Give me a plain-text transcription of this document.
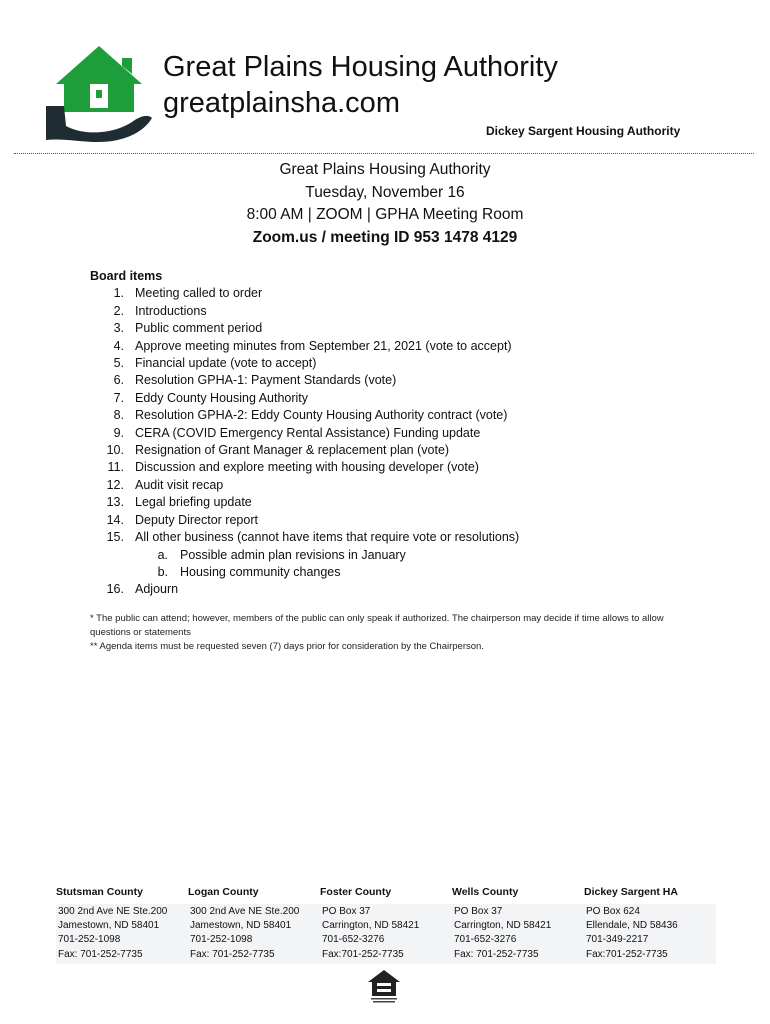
Great Plains Housing Authority
greatplainsha.com
Dickey Sargent Housing Authority
Great Plains Housing Authority
Tuesday, November 16
8:00 AM | ZOOM | GPHA Meeting Room
Zoom.us / meeting ID 953 1478 4129
Board items
1. Meeting called to order
2. Introductions
3. Public comment period
4. Approve meeting minutes from September 21, 2021 (vote to accept)
5. Financial update (vote to accept)
6. Resolution GPHA-1: Payment Standards (vote)
7. Eddy County Housing Authority
8. Resolution GPHA-2: Eddy County Housing Authority contract (vote)
9. CERA (COVID Emergency Rental Assistance) Funding update
10. Resignation of Grant Manager & replacement plan (vote)
11. Discussion and explore meeting with housing developer (vote)
12. Audit visit recap
13. Legal briefing update
14. Deputy Director report
15. All other business (cannot have items that require vote or resolutions)
a. Possible admin plan revisions in January
b. Housing community changes
16. Adjourn
* The public can attend; however, members of the public can only speak if authorized. The chairperson may decide if time allows to allow questions or statements
** Agenda items must be requested seven (7) days prior for consideration by the Chairperson.
Stutsman County
300 2nd Ave NE Ste.200
Jamestown, ND 58401
701-252-1098
Fax: 701-252-7735
Logan County
300 2nd Ave NE Ste.200
Jamestown, ND 58401
701-252-1098
Fax: 701-252-7735
Foster County
PO Box 37
Carrington, ND 58421
701-652-3276
Fax:701-252-7735
Wells County
PO Box 37
Carrington, ND 58421
701-652-3276
Fax: 701-252-7735
Dickey Sargent HA
PO Box 624
Ellendale, ND 58436
701-349-2217
Fax:701-252-7735
